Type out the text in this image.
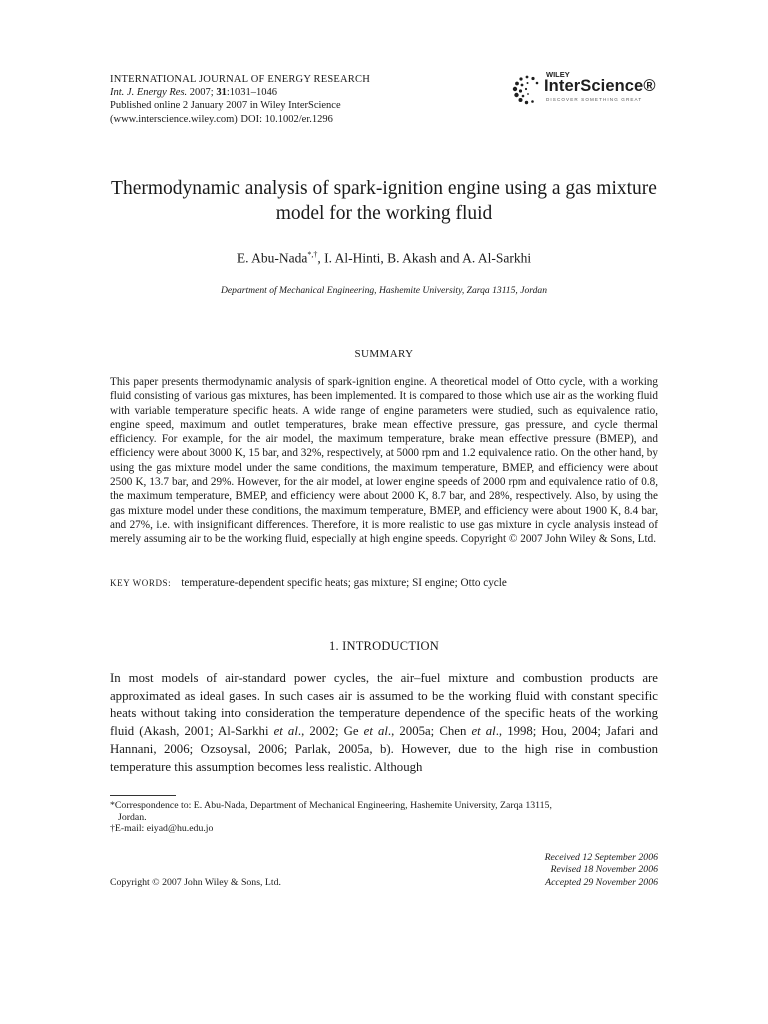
INTERNATIONAL JOURNAL OF ENERGY RESEARCH
Int. J. Energy Res. 2007; 31:1031–1046
Published online 2 January 2007 in Wiley InterScience
(www.interscience.wiley.com) DOI: 10.1002/er.1296
WILEY
InterScience®
DISCOVER SOMETHING GREAT
Thermodynamic analysis of spark-ignition engine using a gas mixture model for the working fluid
E. Abu-Nada*,†, I. Al-Hinti, B. Akash and A. Al-Sarkhi
Department of Mechanical Engineering, Hashemite University, Zarqa 13115, Jordan
SUMMARY
This paper presents thermodynamic analysis of spark-ignition engine. A theoretical model of Otto cycle, with a working fluid consisting of various gas mixtures, has been implemented. It is compared to those which use air as the working fluid with variable temperature specific heats. A wide range of engine parameters were studied, such as equivalence ratio, engine speed, maximum and outlet temperatures, brake mean effective pressure, gas pressure, and cycle thermal efficiency. For example, for the air model, the maximum temperature, brake mean effective pressure (BMEP), and efficiency were about 3000 K, 15 bar, and 32%, respectively, at 5000 rpm and 1.2 equivalence ratio. On the other hand, by using the gas mixture model under the same conditions, the maximum temperature, BMEP, and efficiency were about 2500 K, 13.7 bar, and 29%. However, for the air model, at lower engine speeds of 2000 rpm and equivalence ratio of 0.8, the maximum temperature, BMEP, and efficiency were about 2000 K, 8.7 bar, and 28%, respectively. Also, by using the gas mixture model under these conditions, the maximum temperature, BMEP, and efficiency were about 1900 K, 8.4 bar, and 27%, i.e. with insignificant differences. Therefore, it is more realistic to use gas mixture in cycle analysis instead of merely assuming air to be the working fluid, especially at high engine speeds. Copyright © 2007 John Wiley & Sons, Ltd.
KEY WORDS: temperature-dependent specific heats; gas mixture; SI engine; Otto cycle
1. INTRODUCTION
In most models of air-standard power cycles, the air–fuel mixture and combustion products are approximated as ideal gases. In such cases air is assumed to be the working fluid with constant specific heats without taking into consideration the temperature dependence of the specific heats of the working fluid (Akash, 2001; Al-Sarkhi et al., 2002; Ge et al., 2005a; Chen et al., 1998; Hou, 2004; Jafari and Hannani, 2006; Ozsoysal, 2006; Parlak, 2005a, b). However, due to the high rise in combustion temperature this assumption becomes less realistic. Although
*Correspondence to: E. Abu-Nada, Department of Mechanical Engineering, Hashemite University, Zarqa 13115,
Jordan.
†E-mail: eiyad@hu.edu.jo
Received 12 September 2006
Revised 18 November 2006
Accepted 29 November 2006
Copyright © 2007 John Wiley & Sons, Ltd.
